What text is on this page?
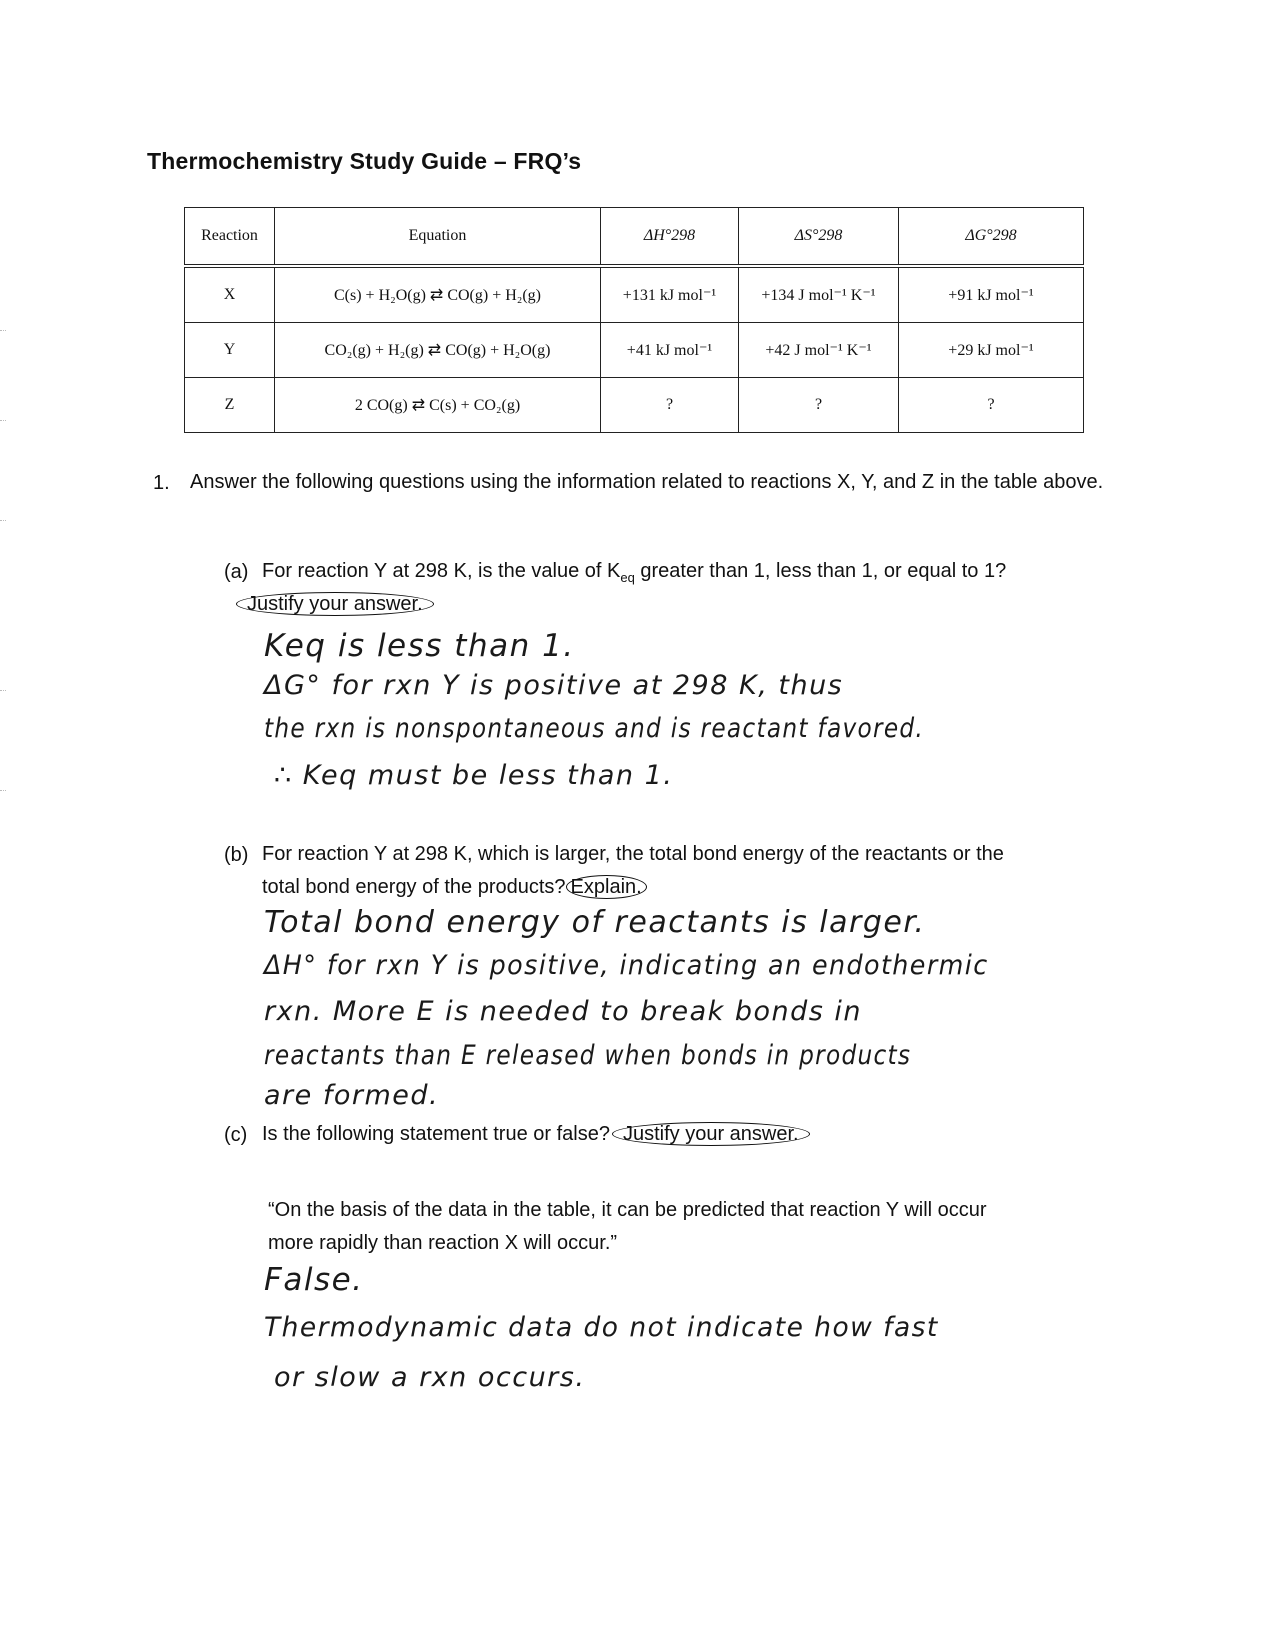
Thermochemistry Study Guide – FRQ’s
Reaction	Equation	ΔH°298	ΔS°298	ΔG°298
X	C(s) + H₂O(g) ⇄ CO(g) + H₂(g)	+131 kJ mol⁻¹	+134 J mol⁻¹ K⁻¹	+91 kJ mol⁻¹
Y	CO₂(g) + H₂(g) ⇄ CO(g) + H₂O(g)	+41 kJ mol⁻¹	+42 J mol⁻¹ K⁻¹	+29 kJ mol⁻¹
Z	2 CO(g) ⇄ C(s) + CO₂(g)	?	?	?
1. Answer the following questions using the information related to reactions X, Y, and Z in the table above.
(a) For reaction Y at 298 K, is the value of $K_{eq}$ greater than 1, less than 1, or equal to 1?
Justify your answer.
Keq is less than 1.
ΔG° for rxn Y is positive at 298 K, thus
the rxn is nonspontaneous and is reactant favored.
∴ Keq must be less than 1.
(b) For reaction Y at 298 K, which is larger, the total bond energy of the reactants or the
total bond energy of the products? Explain.
Total bond energy of reactants is larger.
ΔH° for rxn Y is positive, indicating an endothermic
rxn. More E is needed to break bonds in
reactants than E released when bonds in products
are formed.
(c) Is the following statement true or false? Justify your answer.
“On the basis of the data in the table, it can be predicted that reaction Y will occur
more rapidly than reaction X will occur.”
False.
Thermodynamic data do not indicate how fast
or slow a rxn occurs.
